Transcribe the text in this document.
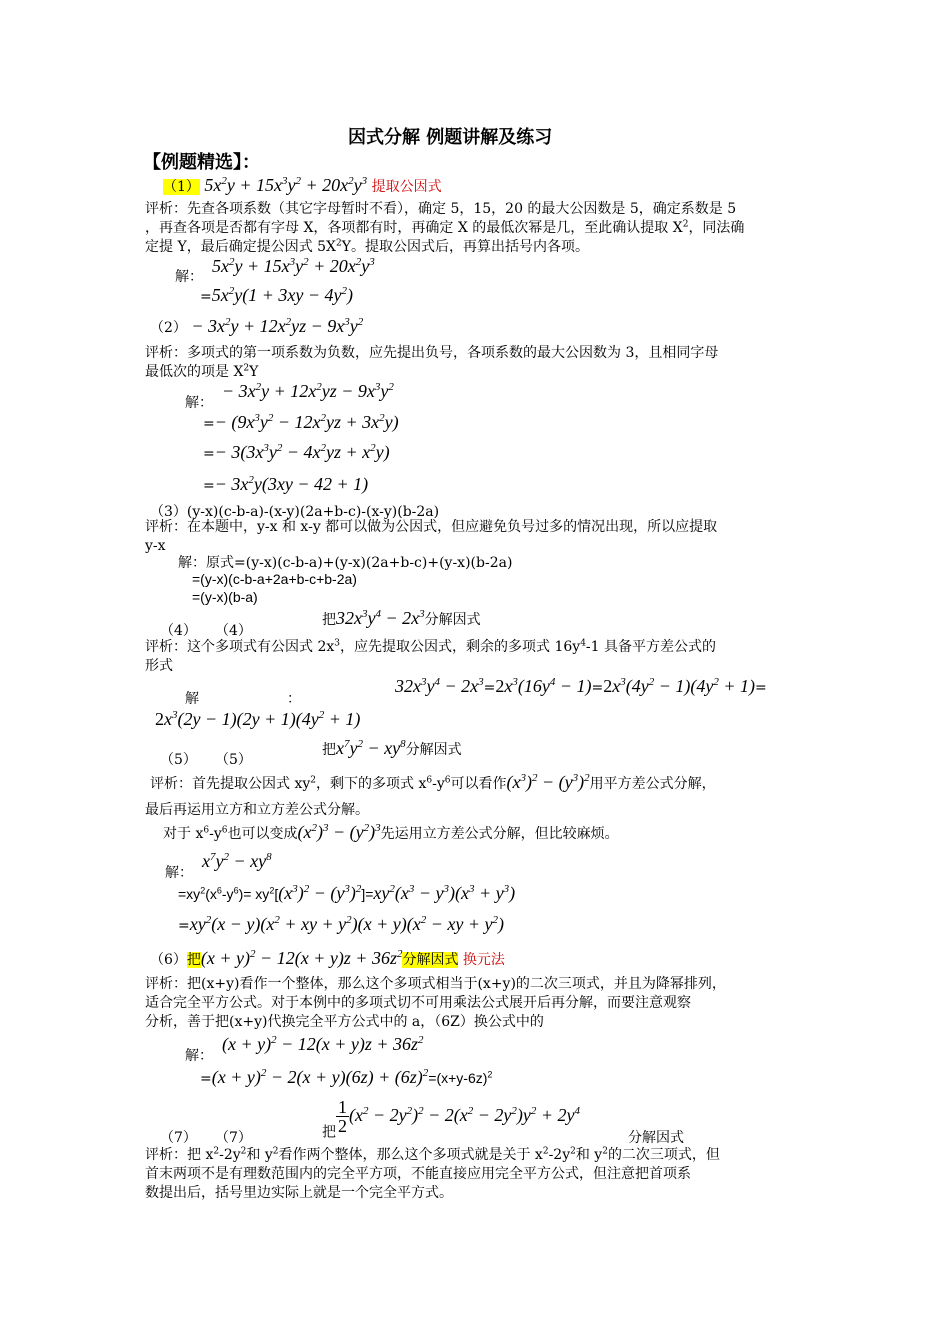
因式分解 例题讲解及练习
【例题精选】：
（1） $5x^2y + 15x^3y^2 + 20x^2y^3$ 提取公因式
评析：先查各项系数（其它字母暂时不看），确定 5，15，20 的最大公因数是 5，确定系数是 5
，再查各项是否都有字母 X，各项都有时，再确定 X 的最低次幂是几，至此确认提取 $X^2$，同法确
定提 Y，最后确定提公因式 $5X^2Y$。提取公因式后，再算出括号内各项。
解：
$5x^2y + 15x^3y^2 + 20x^2y^3$
$=5x^2y(1 + 3xy - 4y^2)$
$(2) - 3x^2y + 12x^2yz - 9x^3y^2$
评析：多项式的第一项系数为负数，应先提出负号，各项系数的最大公因数为 3，且相同字母
最低次的项是 $X^2Y$
解：
− $3x^2y + 12x^2yz - 9x^3y^2$
=− $(9x^3y^2 - 12x^2yz + 3x^2y)$
=− $3(3x^3y^2 - 4x^2yz + x^2y)$
=− $3x^2y(3xy - 42 + 1)$
（3）(y-x)(c-b-a)-(x-y)(2a+b-c)-(x-y)(b-2a)
评析：在本题中，y-x 和 x-y 都可以做为公因式，但应避免负号过多的情况出现，所以应提取
y-x
解：原式=(y-x)(c-b-a)+(y-x)(2a+b-c)+(y-x)(b-2a)
=(y-x)(c-b-a+2a+b-c+b-2a)
=(y-x)(b-a)
（4） （4）
把$32x^3y^4 - 2x^3$分解因式
评析：这个多项式有公因式 $2x^3$，应先提取公因式，剩余的多项式 $16y^4-1$ 具备平方差公式的
形式
解	：
$32x^3y^4 - 2x^3=2x^3(16y^4 - 1)=2x^3(4y^2 - 1)(4y^2 + 1)=$
$2x^3(2y - 1)(2y + 1)(4y^2 + 1)$
（5） （5）
把$x^7y^2 - xy^8$分解因式
评析：首先提取公因式 $xy^2$，剩下的多项式 $x^6-y^6$可以看作$(x^3)^2 - (y^3)^2$用平方差公式分解，
最后再运用立方和立方差公式分解。
对于 $x^6-y^6$也可以变成$(x^2)^3 - (y^2)^3$先运用立方差公式分解，但比较麻烦。
解：
$x^7y^2 - xy^8$
$=xy^2(x^6-y^6)= xy^2[(x^3)^2 - (y^3)^2]=xy^2(x^3 - y^3)(x^3 + y^3)$
$=xy^2(x - y)(x^2$ + xy + $y^2)(x + y)(x^2$ − xy + $y^2$)
（6）把$(x + y)^2 - 12(x + y)z + 36z^2$分解因式 换元法
评析：把(x+y)看作一个整体，那么这个多项式相当于(x+y)的二次三项式，并且为降幂排列，
适合完全平方公式。对于本例中的多项式切不可用乘法公式展开后再分解，而要注意观察
分析，善于把(x+y)代换完全平方公式中的 a，（6Z）换公式中的
解：
$(x + y)^2 - 12(x + y)z + 36z^2$
$=(x + y)^2 - 2(x + y)(6z) + (6z)^2=(x+y-6z)^2$
把 $\frac{1}{2} (x^2 - 2y^2)^2 - 2(x^2 - 2y^2)y^2 + 2y^4$
（7） （7）	分解因式
评析：把 $x^2-2y^2$和 $y^2$看作两个整体，那么这个多项式就是关于 $x^2-2y^2$和 $y^2$的二次三项式，但
首末两项不是有理数范围内的完全平方项，不能直接应用完全平方公式，但注意把首项系
数提出后，括号里边实际上就是一个完全平方式。
